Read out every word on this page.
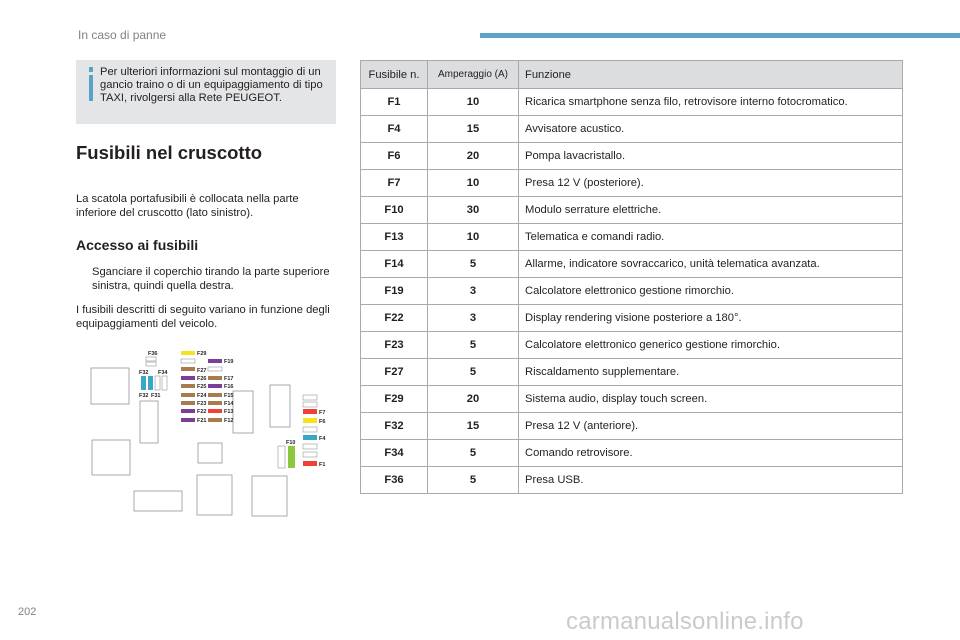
In caso di panne
Per ulteriori informazioni sul montaggio di un gancio traino o di un equipaggiamento di tipo TAXI, rivolgersi alla Rete PEUGEOT.
Fusibili nel cruscotto
La scatola portafusibili è collocata nella parte inferiore del cruscotto (lato sinistro).
Accesso ai fusibili
Sganciare il coperchio tirando la parte superiore sinistra, quindi quella destra.
I fusibili descritti di seguito variano in funzione degli equipaggiamenti del veicolo.
F36
F32 F34
F32 F31
F29
F19
F27
F26	F17
F25	F16
F24	F15
F23	F14
F22	F13
F21	F12
F7
F6
F4
F10
F1
Fusibile n.	Amperaggio (A)	Funzione
F1	10	Ricarica smartphone senza filo, retrovisore interno fotocromatico.
F4	15	Avvisatore acustico.
F6	20	Pompa lavacristallo.
F7	10	Presa 12 V (posteriore).
F10	30	Modulo serrature elettriche.
F13	10	Telematica e comandi radio.
F14	5	Allarme, indicatore sovraccarico, unità telematica avanzata.
F19	3	Calcolatore elettronico gestione rimorchio.
F22	3	Display rendering visione posteriore a 180°.
F23	5	Calcolatore elettronico generico gestione rimorchio.
F27	5	Riscaldamento supplementare.
F29	20	Sistema audio, display touch screen.
F32	15	Presa 12 V (anteriore).
F34	5	Comando retrovisore.
F36	5	Presa USB.
202	carmanualsonline.info
